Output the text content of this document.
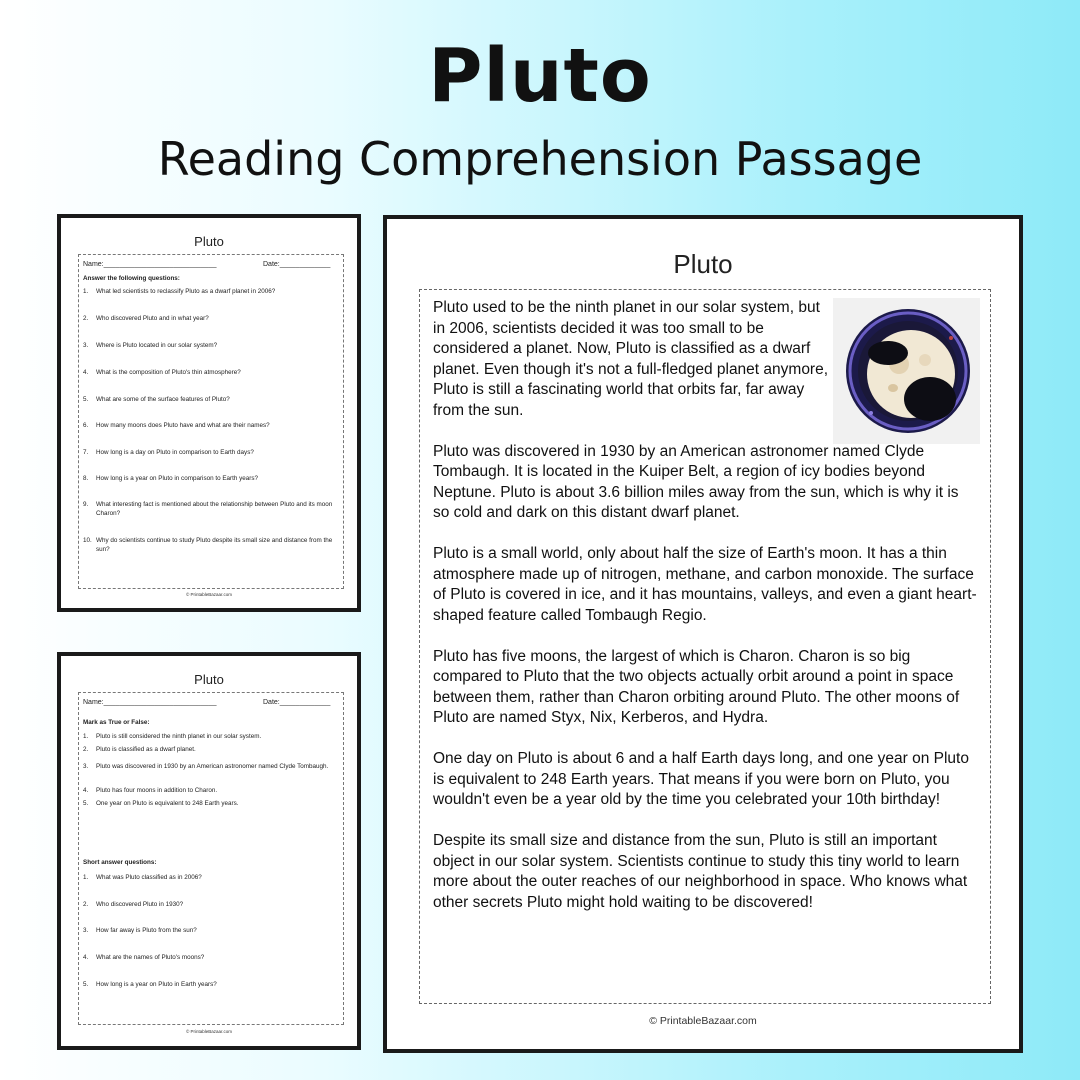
Pluto
Reading Comprehension Passage
Pluto
Name:_____________________________	Date:_____________
Answer the following questions:
1. What led scientists to reclassify Pluto as a dwarf planet in 2006?
2. Who discovered Pluto and in what year?
3. Where is Pluto located in our solar system?
4. What is the composition of Pluto's thin atmosphere?
5. What are some of the surface features of Pluto?
6. How many moons does Pluto have and what are their names?
7. How long is a day on Pluto in comparison to Earth days?
8. How long is a year on Pluto in comparison to Earth years?
9. What interesting fact is mentioned about the relationship between Pluto and its moon Charon?
10. Why do scientists continue to study Pluto despite its small size and distance from the sun?
© PrintableBazaar.com
Pluto
Name:_____________________________	Date:_____________
Mark as True or False:
1. Pluto is still considered the ninth planet in our solar system.
2. Pluto is classified as a dwarf planet.
3. Pluto was discovered in 1930 by an American astronomer named Clyde Tombaugh.
4. Pluto has four moons in addition to Charon.
5. One year on Pluto is equivalent to 248 Earth years.
Short answer questions:
1. What was Pluto classified as in 2006?
2. Who discovered Pluto in 1930?
3. How far away is Pluto from the sun?
4. What are the names of Pluto's moons?
5. How long is a year on Pluto in Earth years?
© PrintableBazaar.com
Pluto

Pluto used to be the ninth planet in our solar system, but in 2006, scientists decided it was too small to be considered a planet. Now, Pluto is classified as a dwarf planet. Even though it's not a full-fledged planet anymore, Pluto is still a fascinating world that orbits far, far away from the sun.

Pluto was discovered in 1930 by an American astronomer named Clyde Tombaugh. It is located in the Kuiper Belt, a region of icy bodies beyond Neptune. Pluto is about 3.6 billion miles away from the sun, which is why it is so cold and dark on this distant dwarf planet.

Pluto is a small world, only about half the size of Earth's moon. It has a thin atmosphere made up of nitrogen, methane, and carbon monoxide. The surface of Pluto is covered in ice, and it has mountains, valleys, and even a giant heart-shaped feature called Tombaugh Regio.

Pluto has five moons, the largest of which is Charon. Charon is so big compared to Pluto that the two objects actually orbit around a point in space between them, rather than Charon orbiting around Pluto. The other moons of Pluto are named Styx, Nix, Kerberos, and Hydra.

One day on Pluto is about 6 and a half Earth days long, and one year on Pluto is equivalent to 248 Earth years. That means if you were born on Pluto, you wouldn't even be a year old by the time you celebrated your 10th birthday!

Despite its small size and distance from the sun, Pluto is still an important object in our solar system. Scientists continue to study this tiny world to learn more about the outer reaches of our neighborhood in space. Who knows what other secrets Pluto might hold waiting to be discovered!

© PrintableBazaar.com
